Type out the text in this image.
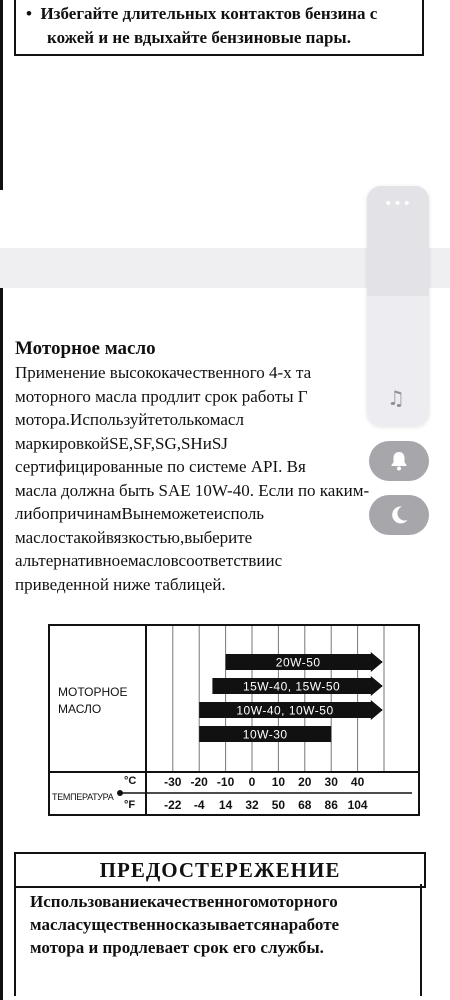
• Избегайте длительных контактов бензина с
кожей и не вдыхайте бензиновые пары.
Моторное масло
Применение высококачественного 4-х та
моторного масла продлит срок работы Г
мотора.Используйтетолькомасл
маркировкойSE,SF,SG,SHиSJ
сертифицированные по системе API. Вя
масла должна быть SAE 10W-40. Если по каким-
либопричинамВынеможетеисполь
маслостакойвязкостью,выберите
альтернативноемасловсоответствиис
приведенной ниже таблицей.
МОТОРНОЕ
МАСЛО
20W-50
15W-40, 15W-50
10W-40, 10W-50
10W-30
ТЕМПЕРАТУРА
°C
°F
-30 -20 -10 0 10 20 30 40
-22 -4 14 32 50 68 86 104
ПРЕДОСТЕРЕЖЕНИЕ
Использованиекачественногомоторного
масласущественносказываетсянаработе
мотора и продлевает срок его службы.
•••
♫
